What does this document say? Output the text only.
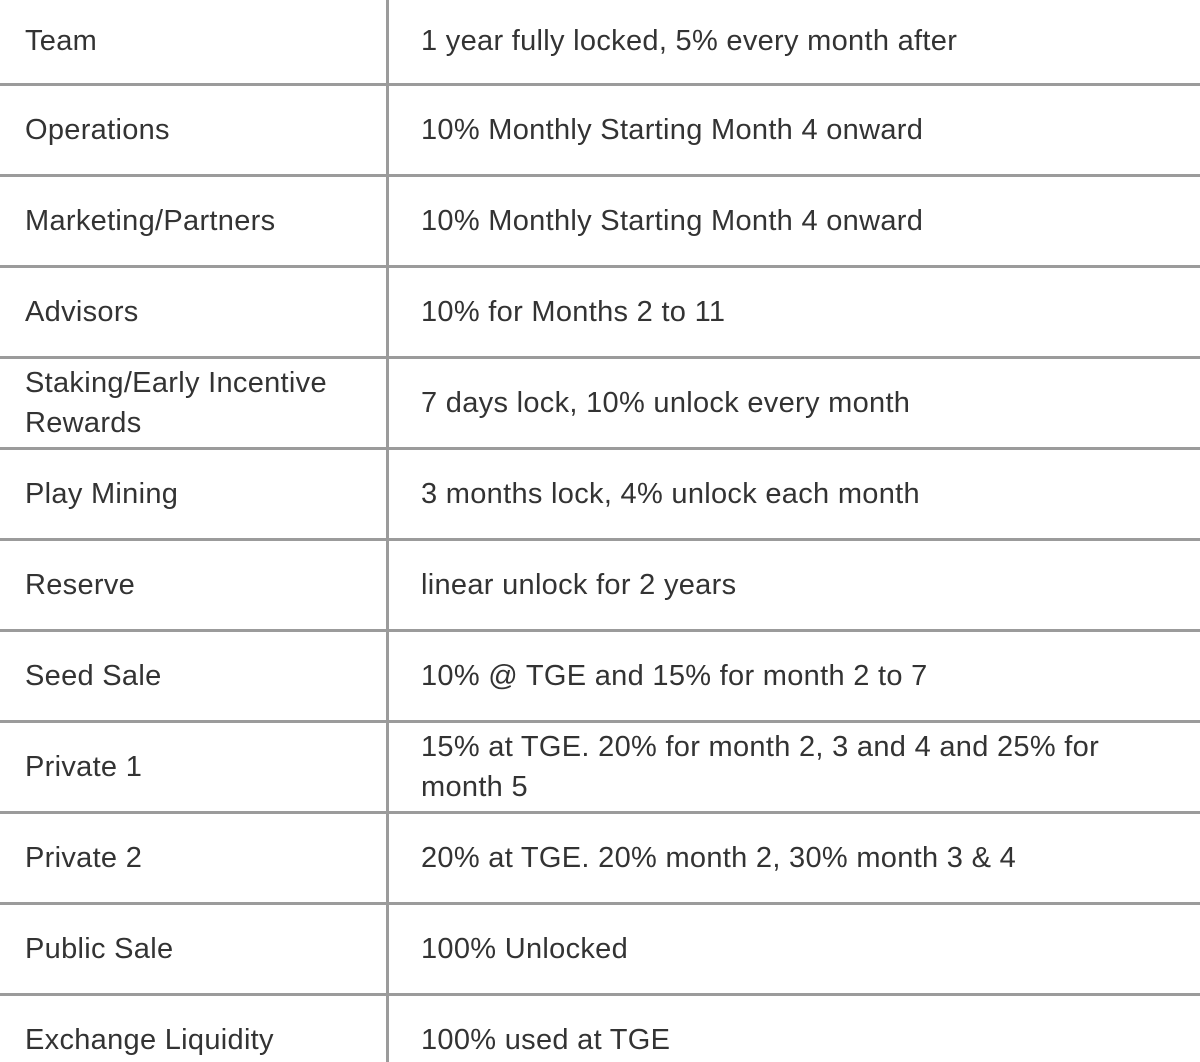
Team	1 year fully locked, 5% every month after
Operations	10% Monthly Starting Month 4 onward
Marketing/Partners	10% Monthly Starting Month 4 onward
Advisors	10% for Months 2 to 11
Staking/Early Incentive Rewards	7 days lock, 10% unlock every month
Play Mining	3 months lock, 4% unlock each month
Reserve	linear unlock for 2 years
Seed Sale	10% @ TGE and 15% for month 2 to 7
Private 1	15% at TGE. 20% for month 2, 3 and 4 and 25% for month 5
Private 2	20% at TGE. 20% month 2, 30% month 3 & 4
Public Sale	100% Unlocked
Exchange Liquidity	100% used at TGE
